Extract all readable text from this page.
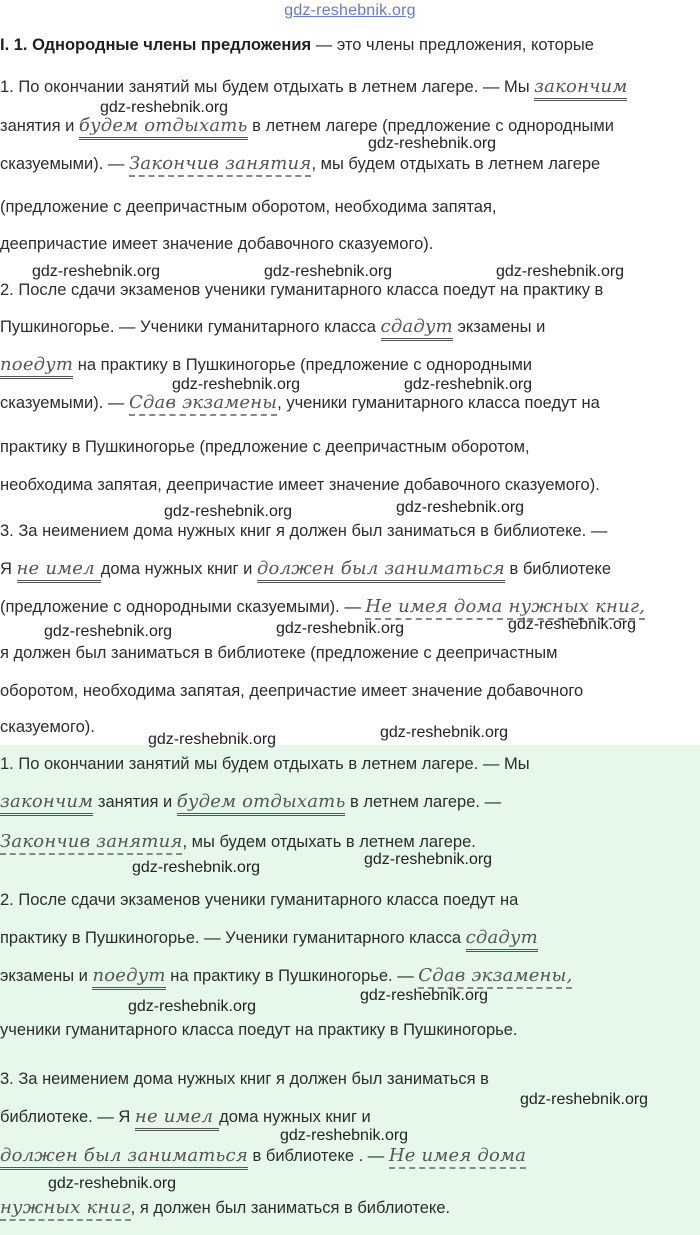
gdz-reshebnik.org
I. 1. Однородные члены предложения — это члены предложения, которые
1. По окончании занятий мы будем отдыхать в летнем лагере. — Мы закончим
занятия и будем отдыхать в летнем лагере (предложение с однородными
сказуемыми). — Закончив занятия, мы будем отдыхать в летнем лагере
(предложение с деепричастным оборотом, необходима запятая,
деепричастие имеет значение добавочного сказуемого).
2. После сдачи экзаменов ученики гуманитарного класса поедут на практику в
Пушкиногорье. — Ученики гуманитарного класса сдадут экзамены и
поедут на практику в Пушкиногорье (предложение с однородными
сказуемыми). — Сдав экзамены, ученики гуманитарного класса поедут на
практику в Пушкиногорье (предложение с деепричастным оборотом,
необходима запятая, деепричастие имеет значение добавочного сказуемого).
3. За неимением дома нужных книг я должен был заниматься в библиотеке. —
Я не имел дома нужных книг и должен был заниматься в библиотеке
(предложение с однородными сказуемыми). — Не имея дома нужных книг,
я должен был заниматься в библиотеке (предложение с деепричастным
оборотом, необходима запятая, деепричастие имеет значение добавочного
сказуемого).
1. По окончании занятий мы будем отдыхать в летнем лагере. — Мы
закончим занятия и будем отдыхать в летнем лагере. —
Закончив занятия, мы будем отдыхать в летнем лагере.
2. После сдачи экзаменов ученики гуманитарного класса поедут на
практику в Пушкиногорье. — Ученики гуманитарного класса сдадут
экзамены и поедут на практику в Пушкиногорье. — Сдав экзамены,
ученики гуманитарного класса поедут на практику в Пушкиногорье.
3. За неимением дома нужных книг я должен был заниматься в
библиотеке. — Я не имел дома нужных книг и
должен был заниматься в библиотеке . — Не имея дома
нужных книг, я должен был заниматься в библиотеке.
gdz-reshebnik.org
gdz-reshebnik.org
gdz-reshebnik.org	gdz-reshebnik.org	gdz-reshebnik.org
gdz-reshebnik.org	gdz-reshebnik.org
gdz-reshebnik.org	gdz-reshebnik.org
gdz-reshebnik.org	gdz-reshebnik.org	gdz-reshebnik.org
gdz-reshebnik.org	gdz-reshebnik.org
gdz-reshebnik.org	gdz-reshebnik.org
gdz-reshebnik.org
gdz-reshebnik.org
gdz-reshebnik.org
gdz-reshebnik.org
gdz-reshebnik.org
